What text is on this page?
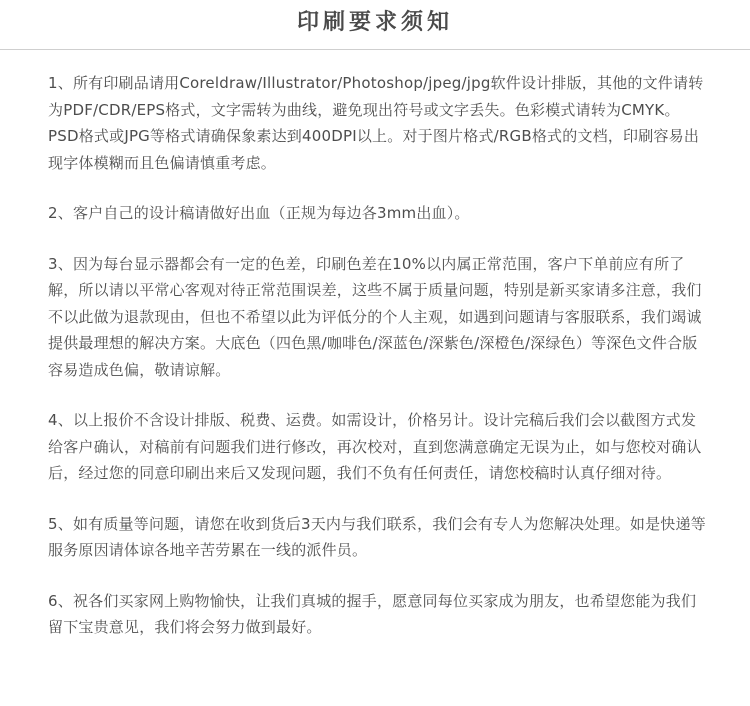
印刷要求须知

1、所有印刷品请用Coreldraw/Illustrator/Photoshop/jpeg/jpg软件设计排版，其他的文件请转为PDF/CDR/EPS格式，文字需转为曲线，避免现出符号或文字丢失。色彩模式请转为CMYK。PSD格式或JPG等格式请确保象素达到400DPI以上。对于图片格式/RGB格式的文档，印刷容易出现字体模糊而且色偏请慎重考虑。

2、客户自己的设计稿请做好出血（正规为每边各3mm出血）。

3、因为每台显示器都会有一定的色差，印刷色差在10%以内属正常范围，客户下单前应有所了解，所以请以平常心客观对待正常范围误差，这些不属于质量问题，特别是新买家请多注意，我们不以此做为退款现由，但也不希望以此为评低分的个人主观，如遇到问题请与客服联系，我们竭诚提供最理想的解决方案。大底色（四色黑/咖啡色/深蓝色/深紫色/深橙色/深绿色）等深色文件合版容易造成色偏，敬请谅解。

4、以上报价不含设计排版、税费、运费。如需设计，价格另计。设计完稿后我们会以截图方式发给客户确认，对稿前有问题我们进行修改，再次校对，直到您满意确定无误为止，如与您校对确认后，经过您的同意印刷出来后又发现问题，我们不负有任何责任，请您校稿时认真仔细对待。

5、如有质量等问题，请您在收到货后3天内与我们联系，我们会有专人为您解决处理。如是快递等服务原因请体谅各地辛苦劳累在一线的派件员。

6、祝各们买家网上购物愉快，让我们真城的握手，愿意同每位买家成为朋友，也希望您能为我们留下宝贵意见，我们将会努力做到最好。
